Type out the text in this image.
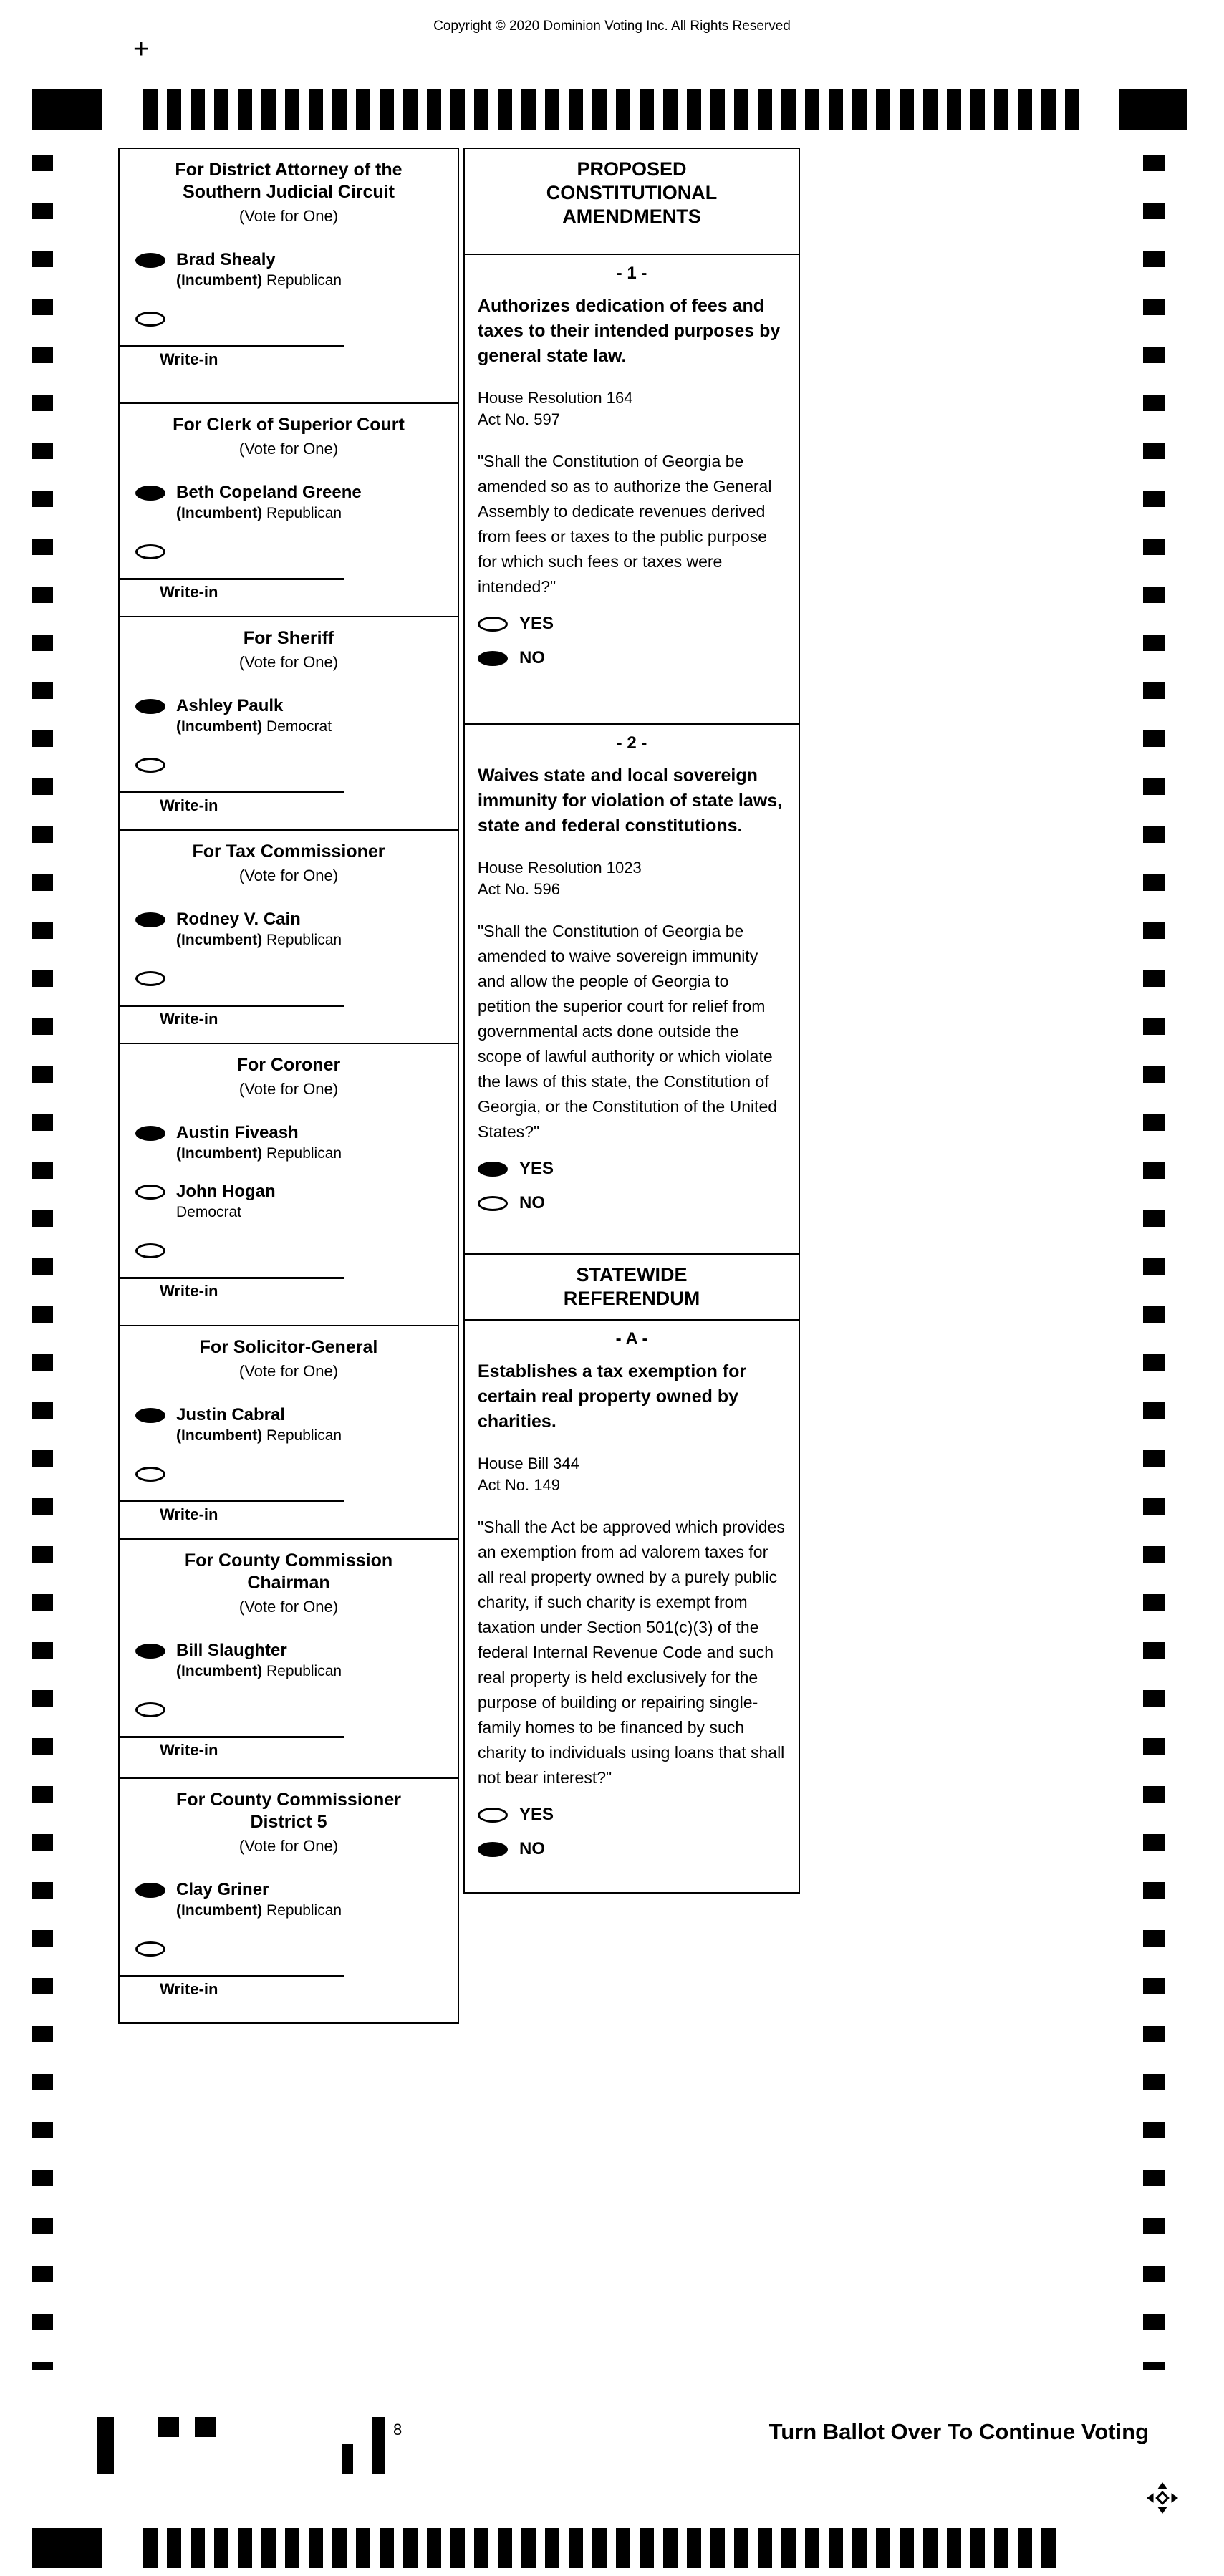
Copyright © 2020 Dominion Voting Inc. All Rights Reserved
+
For District Attorney of the Southern Judicial Circuit
(Vote for One)
Brad Shealy
(Incumbent) Republican
Write-in
For Clerk of Superior Court
(Vote for One)
Beth Copeland Greene
(Incumbent) Republican
Write-in
For Sheriff
(Vote for One)
Ashley Paulk
(Incumbent) Democrat
Write-in
For Tax Commissioner
(Vote for One)
Rodney V. Cain
(Incumbent) Republican
Write-in
For Coroner
(Vote for One)
Austin Fiveash
(Incumbent) Republican
John Hogan
Democrat
Write-in
For Solicitor-General
(Vote for One)
Justin Cabral
(Incumbent) Republican
Write-in
For County Commission Chairman
(Vote for One)
Bill Slaughter
(Incumbent) Republican
Write-in
For County Commissioner District 5
(Vote for One)
Clay Griner
(Incumbent) Republican
Write-in
PROPOSED CONSTITUTIONAL AMENDMENTS
- 1 -
Authorizes dedication of fees and taxes to their intended purposes by general state law.
House Resolution 164
Act No. 597
"Shall the Constitution of Georgia be amended so as to authorize the General Assembly to dedicate revenues derived from fees or taxes to the public purpose for which such fees or taxes were intended?"
YES
NO
- 2 -
Waives state and local sovereign immunity for violation of state laws, state and federal constitutions.
House Resolution 1023
Act No. 596
"Shall the Constitution of Georgia be amended to waive sovereign immunity and allow the people of Georgia to petition the superior court for relief from governmental acts done outside the scope of lawful authority or which violate the laws of this state, the Constitution of Georgia, or the Constitution of the United States?"
YES
NO
STATEWIDE REFERENDUM
- A -
Establishes a tax exemption for certain real property owned by charities.
House Bill 344
Act No. 149
"Shall the Act be approved which provides an exemption from ad valorem taxes for all real property owned by a purely public charity, if such charity is exempt from taxation under Section 501(c)(3) of the federal Internal Revenue Code and such real property is held exclusively for the purpose of building or repairing single-family homes to be financed by such charity to individuals using loans that shall not bear interest?"
YES
NO
8	Turn Ballot Over To Continue Voting
